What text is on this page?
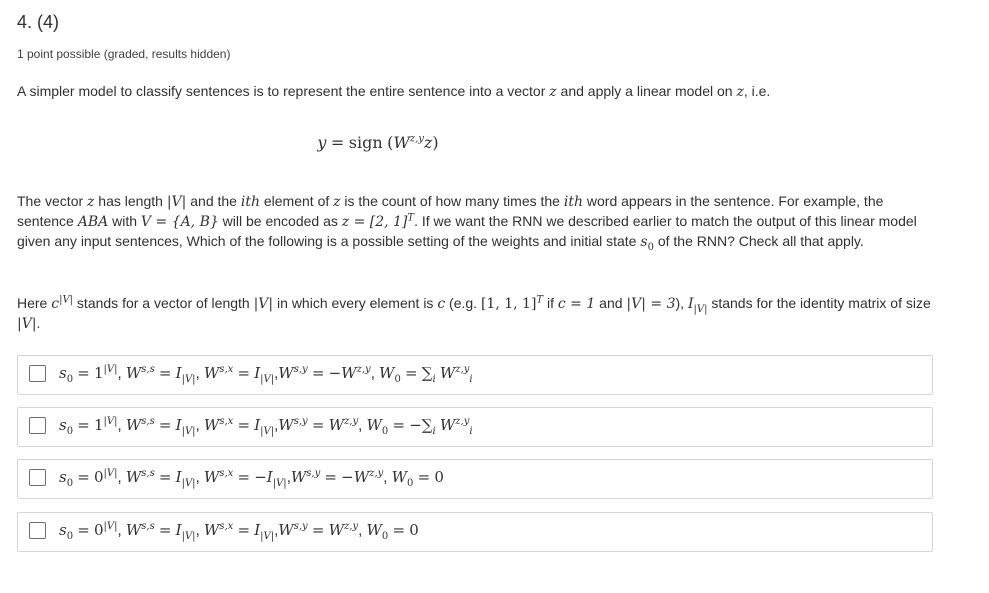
4. (4)
1 point possible (graded, results hidden)
A simpler model to classify sentences is to represent the entire sentence into a vector z and apply a linear model on z, i.e.
y = sign $(W^{z,y}z)$
The vector z has length |V| and the ith element of z is the count of how many times the ith word appears in the sentence. For example, the sentence ABA with V = {A, B} will be encoded as z = [2, 1]$^T$. If we want the RNN we described earlier to match the output of this linear model given any input sentences, Which of the following is a possible setting of the weights and initial state $s_0$ of the RNN? Check all that apply.
Here $c^{|V|}$ stands for a vector of length |V| in which every element is c (e.g. [1, 1, 1]$^T$ if c = 1 and |V| = 3), $I_{|V|}$ stands for the identity matrix of size |V|.
$s_0 = 1^{|V|}$, $W^{s,s} = I_{|V|}$, $W^{s,x} = I_{|V|},W^{s,y} = -W^{z,y}$, $W_0 = \sum_i$ W$^{z,y}_i$
$s_0 = 1^{|V|}$, $W^{s,s} = I_{|V|}$, $W^{s,x} = I_{|V|},W^{s,y} = W^{z,y}$, $W_0 = -\sum_i$ W$^{z,y}_i$
$s_0 = 0^{|V|}$, $W^{s,s} = I_{|V|}$, $W^{s,x} = -I_{|V|},W^{s,y} = -W^{z,y}$, $W_0 = 0$
$s_0 = 0^{|V|}$, $W^{s,s} = I_{|V|}$, $W^{s,x} = I_{|V|},W^{s,y} = W^{z,y}$, $W_0 = 0$
